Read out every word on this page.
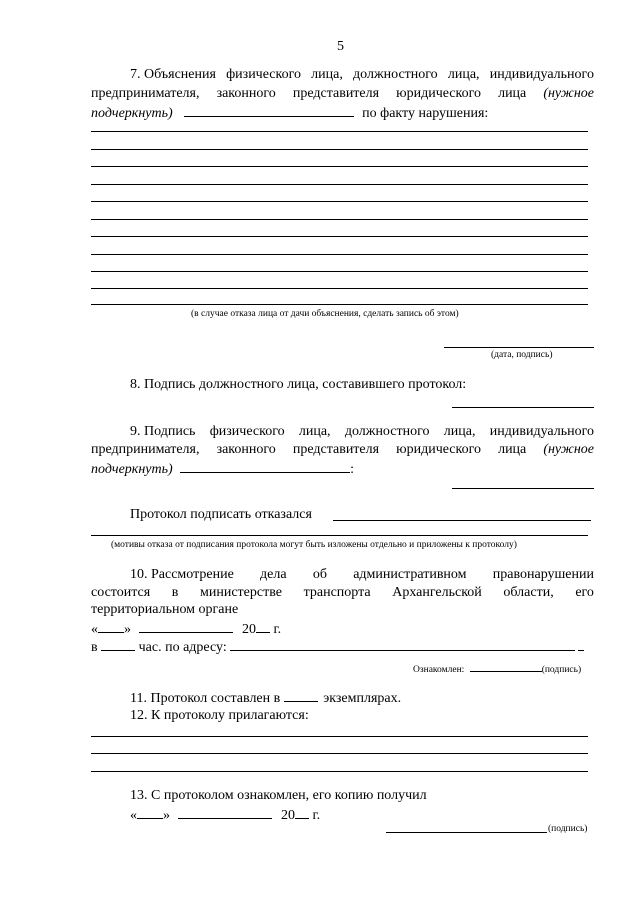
5
7. Объяснения физического лица, должностного лица, индивидуального
предпринимателя, законного представителя юридического лица (нужное
подчеркнуть)	по факту нарушения:
(в случае отказа лица от дачи объяснения, сделать запись об этом)
(дата, подпись)
8. Подпись должностного лица, составившего протокол:
9. Подпись физического лица, должностного лица, индивидуального
предпринимателя, законного представителя юридического лица (нужное
подчеркнуть)	:
Протокол подписать отказался
(мотивы отказа от подписания протокола могут быть изложены отдельно и приложены к протоколу)
10. Рассмотрение дела об административном правонарушении
состоится в министерстве транспорта Архангельской области, его
территориальном органе
« »	20 г.
в	час. по адресу:
Ознакомлен:	(подпись)
11. Протокол составлен в	экземплярах.
12. К протоколу прилагаются:
13. С протоколом ознакомлен, его копию получил
« »	20 г.
(подпись)
